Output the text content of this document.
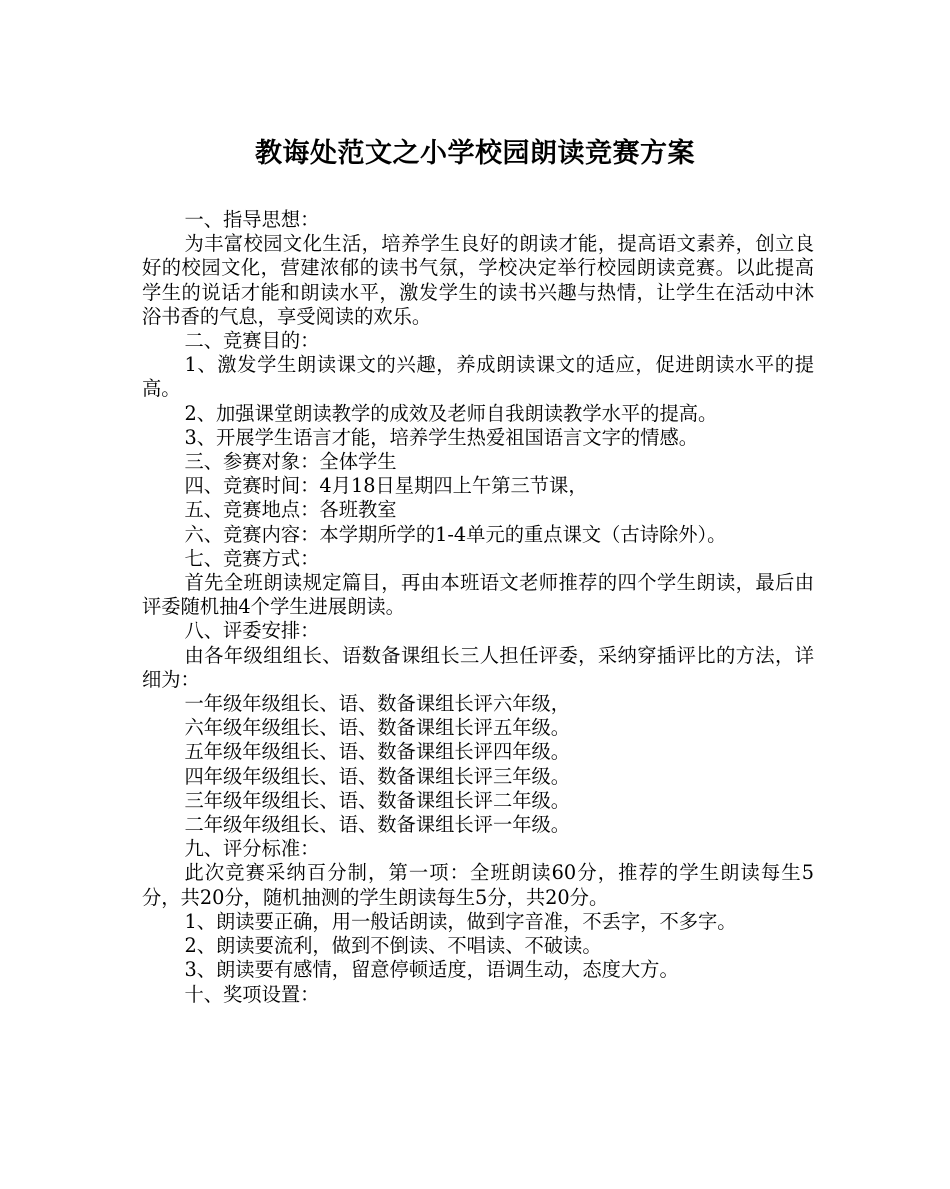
教诲处范文之小学校园朗读竞赛方案

一、指导思想：

为丰富校园文化生活，培养学生良好的朗读才能，提高语文素养，创立良好的校园文化，营建浓郁的读书气氛，学校决定举行校园朗读竞赛。以此提高学生的说话才能和朗读水平，激发学生的读书兴趣与热情，让学生在活动中沐浴书香的气息，享受阅读的欢乐。

二、竞赛目的：

1、激发学生朗读课文的兴趣，养成朗读课文的适应，促进朗读水平的提高。

2、加强课堂朗读教学的成效及老师自我朗读教学水平的提高。

3、开展学生语言才能，培养学生热爱祖国语言文字的情感。

三、参赛对象：全体学生

四、竞赛时间：4月18日星期四上午第三节课，

五、竞赛地点：各班教室

六、竞赛内容：本学期所学的1-4单元的重点课文（古诗除外）。

七、竞赛方式：

首先全班朗读规定篇目，再由本班语文老师推荐的四个学生朗读，最后由评委随机抽4个学生进展朗读。

八、评委安排：

由各年级组组长、语数备课组长三人担任评委，采纳穿插评比的方法，详细为：

一年级年级组长、语、数备课组长评六年级，

六年级年级组长、语、数备课组长评五年级。

五年级年级组长、语、数备课组长评四年级。

四年级年级组长、语、数备课组长评三年级。

三年级年级组长、语、数备课组长评二年级。

二年级年级组长、语、数备课组长评一年级。

九、评分标准：

此次竞赛采纳百分制，第一项：全班朗读60分，推荐的学生朗读每生5分，共20分，随机抽测的学生朗读每生5分，共20分。

1、朗读要正确，用一般话朗读，做到字音准，不丢字，不多字。

2、朗读要流利，做到不倒读、不唱读、不破读。

3、朗读要有感情，留意停顿适度，语调生动，态度大方。

十、奖项设置：
